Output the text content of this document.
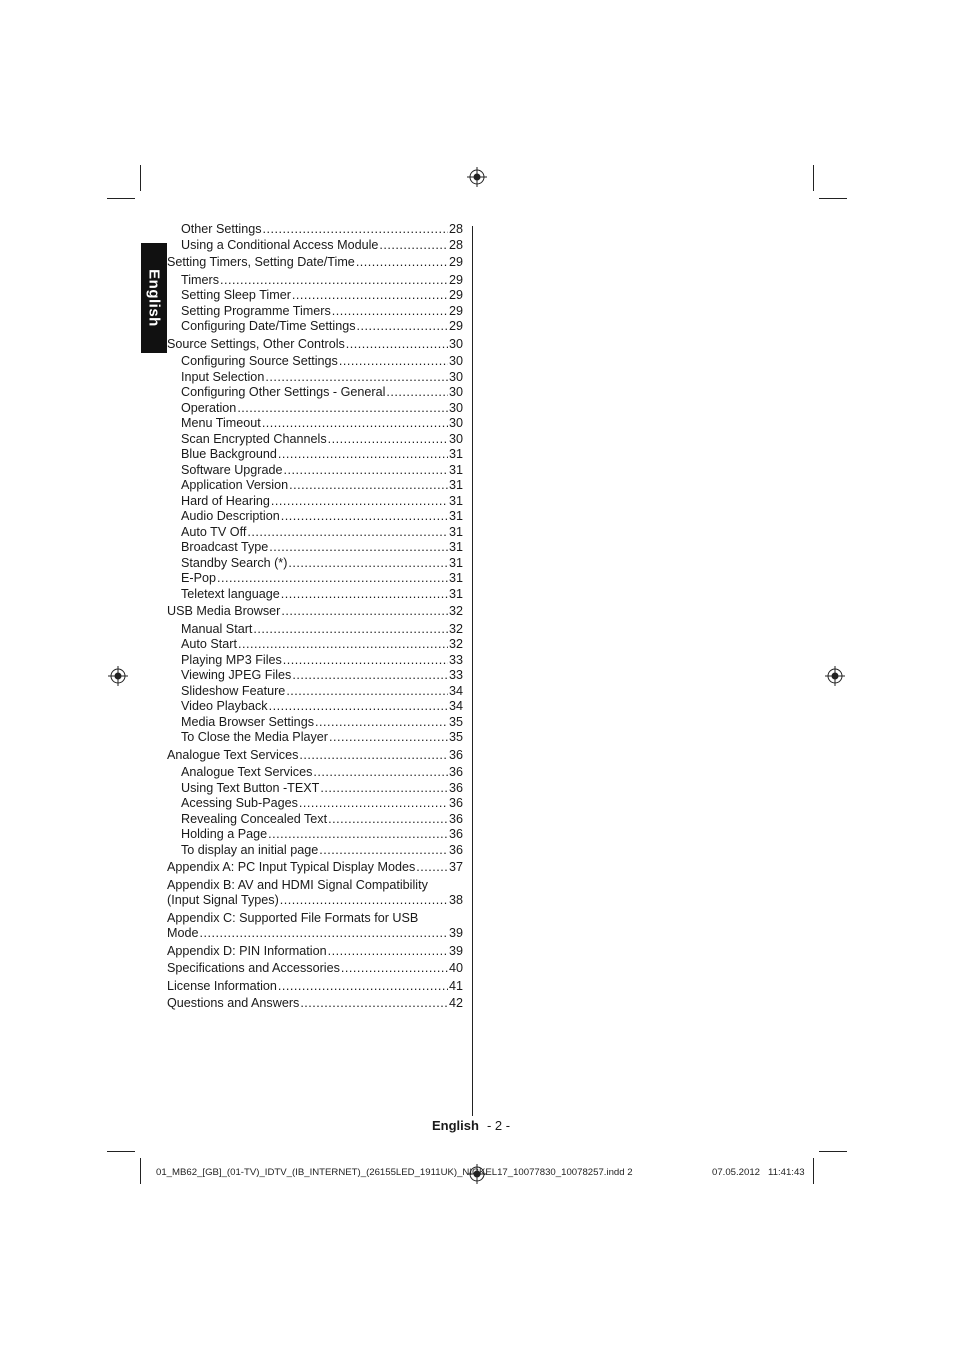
English
Other Settings .....	28
Using a Conditional Access Module .....	28
Setting Timers, Setting Date/Time .....	29
Timers .....	29
Setting Sleep Timer .....	29
Setting Programme Timers .....	29
Configuring Date/Time Settings .....	29
Source Settings, Other Controls .....	30
Configuring Source Settings .....	30
Input Selection .....	30
Configuring Other Settings - General .....	30
Operation .....	30
Menu Timeout .....	30
Scan Encrypted Channels .....	30
Blue Background .....	31
Software Upgrade .....	31
Application Version .....	31
Hard of Hearing .....	31
Audio Description .....	31
Auto TV Off .....	31
Broadcast Type .....	31
Standby Search (*) .....	31
E-Pop .....	31
Teletext language .....	31
USB Media Browser .....	32
Manual Start .....	32
Auto Start .....	32
Playing MP3 Files .....	33
Viewing JPEG Files .....	33
Slideshow Feature .....	34
Video Playback .....	34
Media Browser Settings .....	35
To Close the Media Player .....	35
Analogue Text Services .....	36
Analogue Text Services .....	36
Using Text Button -TEXT .....	36
Acessing Sub-Pages .....	36
Revealing Concealed Text .....	36
Holding a Page .....	36
To display an initial page .....	36
Appendix A: PC Input Typical Display Modes .....	37
Appendix B: AV and HDMI Signal Compatibility
(Input Signal Types) .....	38
Appendix C: Supported File Formats for USB
Mode .....	39
Appendix D: PIN Information .....	39
Specifications and Accessories .....	40
License Information .....	41
Questions and Answers .....	42
English - 2 -
01_MB62_[GB]_(01-TV)_IDTV_(IB_INTERNET)_(26155LED_1911UK)_NICKEL17_10077830_10078257.indd 2	07.05.2012 11:41:43
